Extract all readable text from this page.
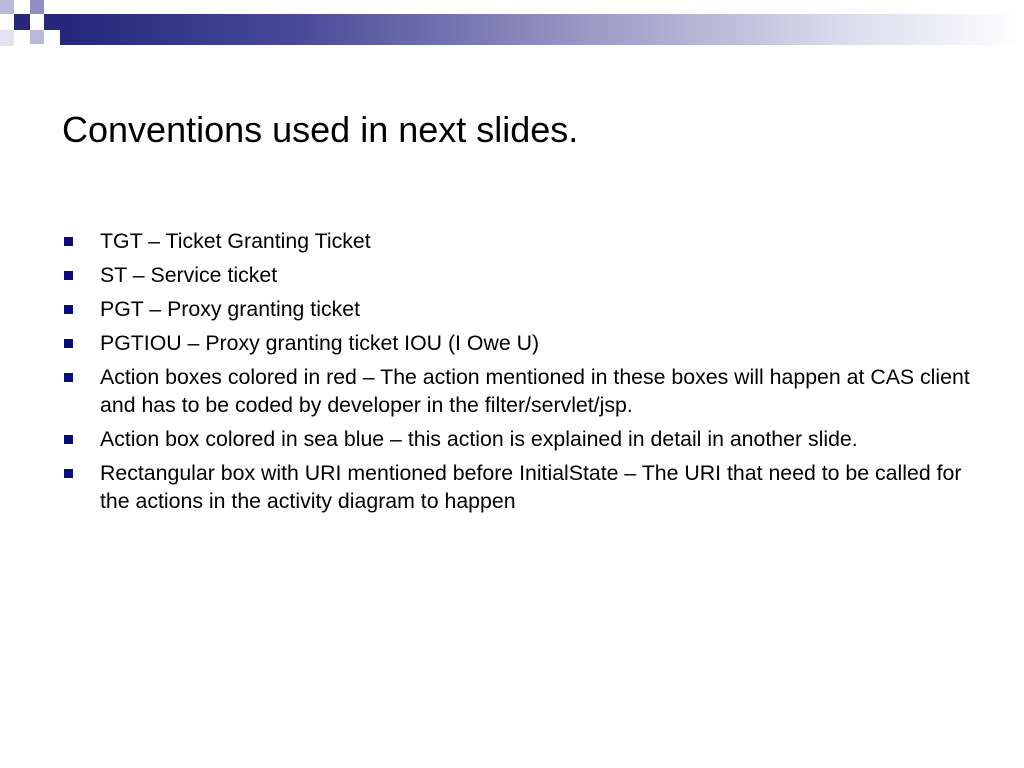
Conventions used in next slides.
TGT – Ticket Granting Ticket
ST – Service ticket
PGT – Proxy granting ticket
PGTIOU – Proxy granting ticket IOU (I Owe U)
Action boxes colored in red – The action mentioned in these boxes will happen at CAS client and has to be coded by developer in the filter/servlet/jsp.
Action box colored in sea blue – this action is explained in detail in another slide.
Rectangular box with URI mentioned before InitialState – The URI that need to be called for the actions in the activity diagram to happen
